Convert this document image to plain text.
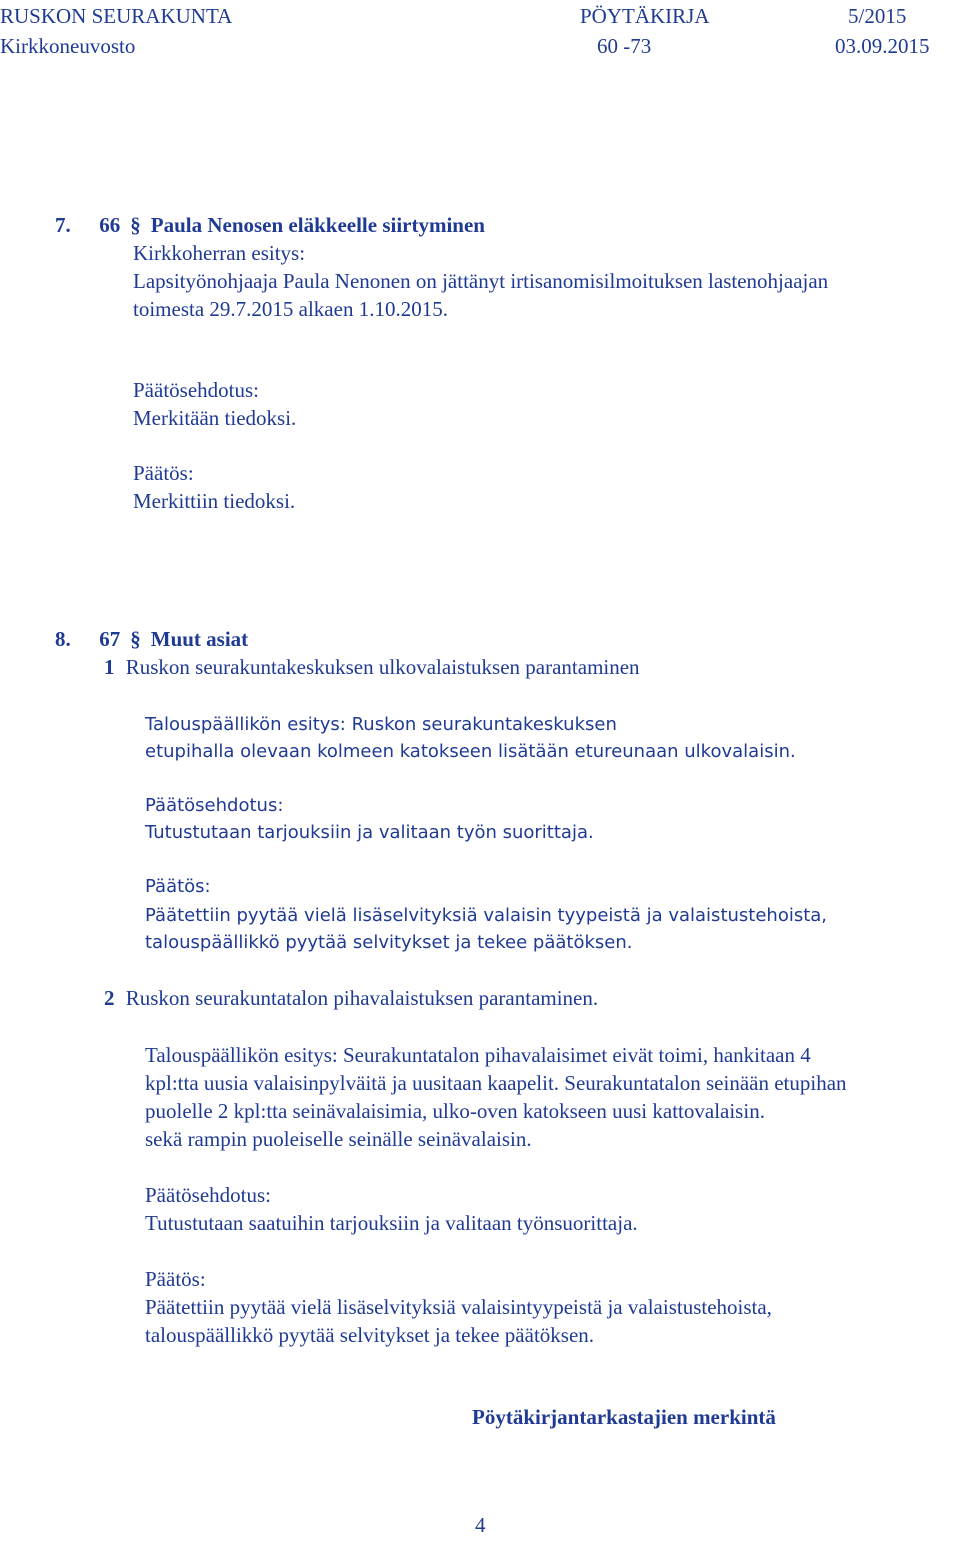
RUSKON SEURAKUNTA	PÖYTÄKIRJA	5/2015
Kirkkoneuvosto	60 -73	03.09.2015
7. 66 § Paula Nenosen eläkkeelle siirtyminen
Kirkkoherran esitys:
Lapsityönohjaaja Paula Nenonen on jättänyt irtisanomisilmoituksen lastenohjaajan
toimesta 29.7.2015 alkaen 1.10.2015.
Päätösehdotus:
Merkitään tiedoksi.
Päätös:
Merkittiin tiedoksi.
8. 67 § Muut asiat
1 Ruskon seurakuntakeskuksen ulkovalaistuksen parantaminen
Talouspäällikön esitys: Ruskon seurakuntakeskuksen
etupihalla olevaan kolmeen katokseen lisätään etureunaan ulkovalaisin.
Päätösehdotus:
Tutustutaan tarjouksiin ja valitaan työn suorittaja.
Päätös:
Päätettiin pyytää vielä lisäselvityksiä valaisin tyypeistä ja valaistustehoista,
talouspäällikkö pyytää selvitykset ja tekee päätöksen.
2 Ruskon seurakuntatalon pihavalaistuksen parantaminen.
Talouspäällikön esitys: Seurakuntatalon pihavalaisimet eivät toimi, hankitaan 4
kpl:tta uusia valaisinpylväitä ja uusitaan kaapelit. Seurakuntatalon seinään etupihan
puolelle 2 kpl:tta seinävalaisimia, ulko-oven katokseen uusi kattovalaisin.
sekä rampin puoleiselle seinälle seinävalaisin.
Päätösehdotus:
Tutustutaan saatuihin tarjouksiin ja valitaan työnsuorittaja.
Päätös:
Päätettiin pyytää vielä lisäselvityksiä valaisintyypeistä ja valaistustehoista,
talouspäällikkö pyytää selvitykset ja tekee päätöksen.
Pöytäkirjantarkastajien merkintä
4
